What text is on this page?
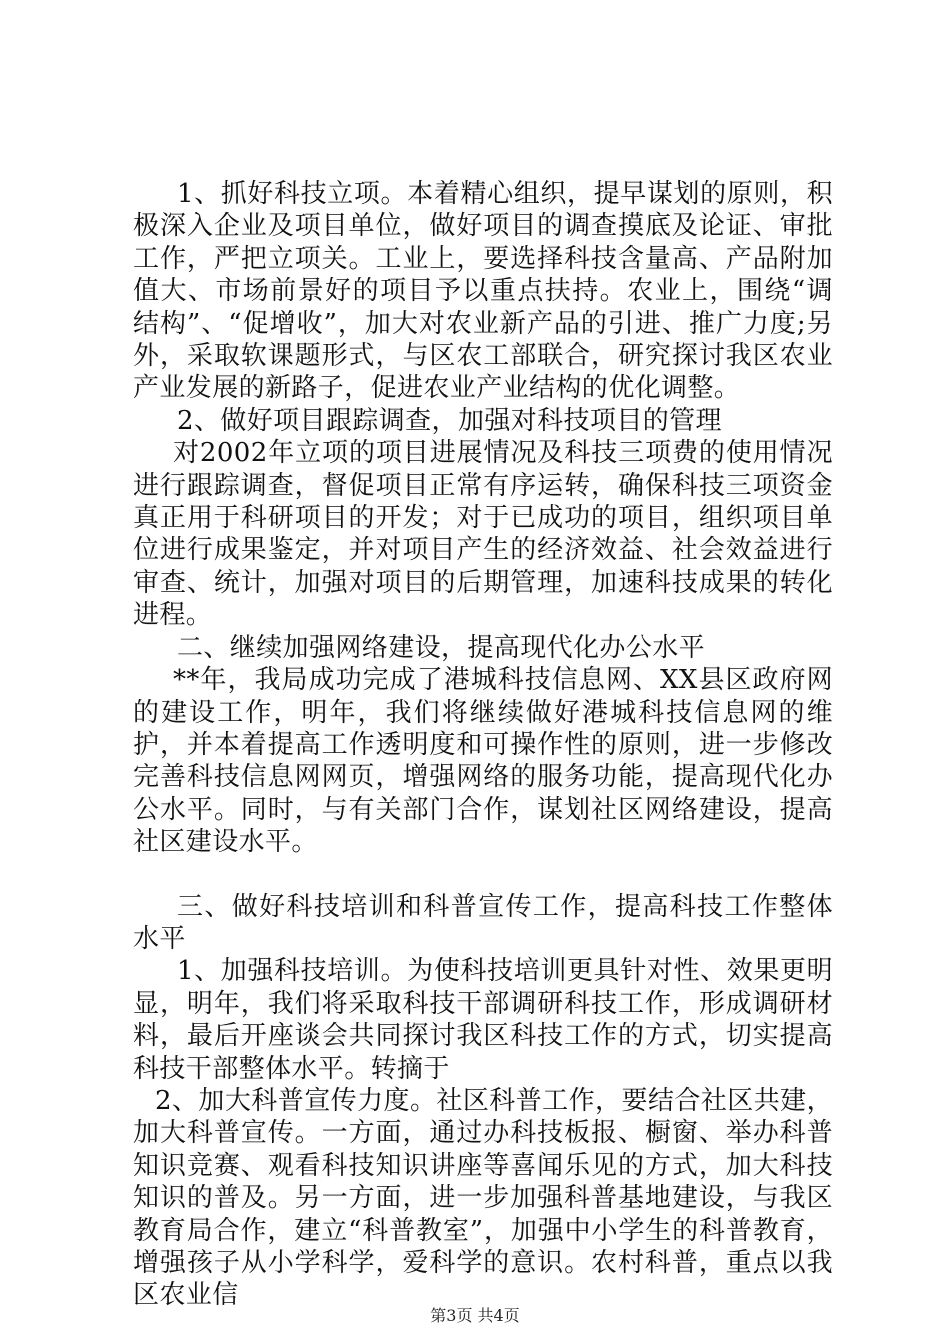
1、抓好科技立项。本着精心组织，提早谋划的原则，积极深入企业及项目单位，做好项目的调查摸底及论证、审批工作，严把立项关。工业上，要选择科技含量高、产品附加值大、市场前景好的项目予以重点扶持。农业上，围绕“调结构”、“促增收”，加大对农业新产品的引进、推广力度;另外，采取软课题形式，与区农工部联合，研究探讨我区农业产业发展的新路子，促进农业产业结构的优化调整。

2、做好项目跟踪调查，加强对科技项目的管理

对2002年立项的项目进展情况及科技三项费的使用情况进行跟踪调查，督促项目正常有序运转，确保科技三项资金真正用于科研项目的开发；对于已成功的项目，组织项目单位进行成果鉴定，并对项目产生的经济效益、社会效益进行审查、统计，加强对项目的后期管理，加速科技成果的转化进程。

二、继续加强网络建设，提高现代化办公水平

**年，我局成功完成了港城科技信息网、XX县区政府网的建设工作，明年，我们将继续做好港城科技信息网的维护，并本着提高工作透明度和可操作性的原则，进一步修改完善科技信息网网页，增强网络的服务功能，提高现代化办公水平。同时，与有关部门合作，谋划社区网络建设，提高社区建设水平。

三、做好科技培训和科普宣传工作，提高科技工作整体水平

1、加强科技培训。为使科技培训更具针对性、效果更明显，明年，我们将采取科技干部调研科技工作，形成调研材料，最后开座谈会共同探讨我区科技工作的方式，切实提高科技干部整体水平。转摘于

2、加大科普宣传力度。社区科普工作，要结合社区共建，加大科普宣传。一方面，通过办科技板报、橱窗、举办科普知识竞赛、观看科技知识讲座等喜闻乐见的方式，加大科技知识的普及。另一方面，进一步加强科普基地建设，与我区教育局合作，建立“科普教室”，加强中小学生的科普教育，增强孩子从小学科学，爱科学的意识。农村科普，重点以我区农业信

第3页 共4页
